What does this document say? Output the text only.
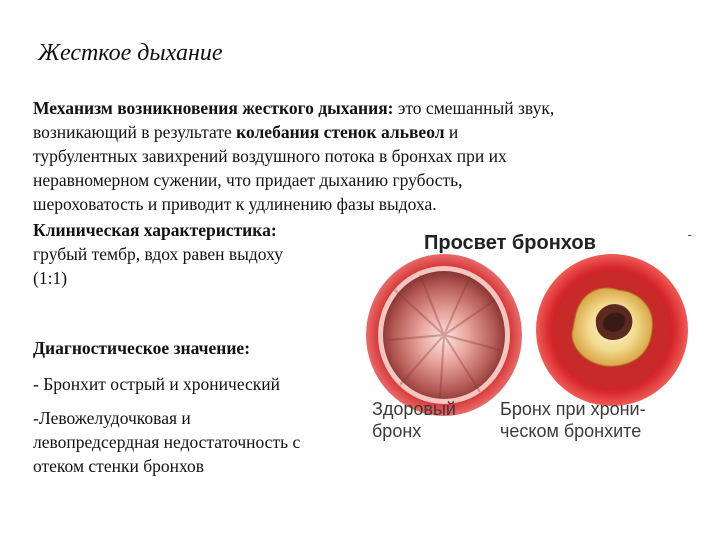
Жесткое дыхание
Механизм возникновения жесткого дыхания: это смешанный звук,
возникающий в результате колебания стенок альвеол и
турбулентных завихрений воздушного потока в бронхах при их
неравномерном сужении, что придает дыханию грубость,
шероховатость и приводит к удлинению фазы выдоха.
Клиническая характеристика:
грубый тембр, вдох равен выдоху
(1:1)
Диагностическое значение:
- Бронхит острый и хронический
-Левожелудочковая и
левопредсердная недостаточность с
отеком стенки бронхов
-
Просвет бронхов
Здоровый
бронх
Бронх при хрони-
ческом бронхите
